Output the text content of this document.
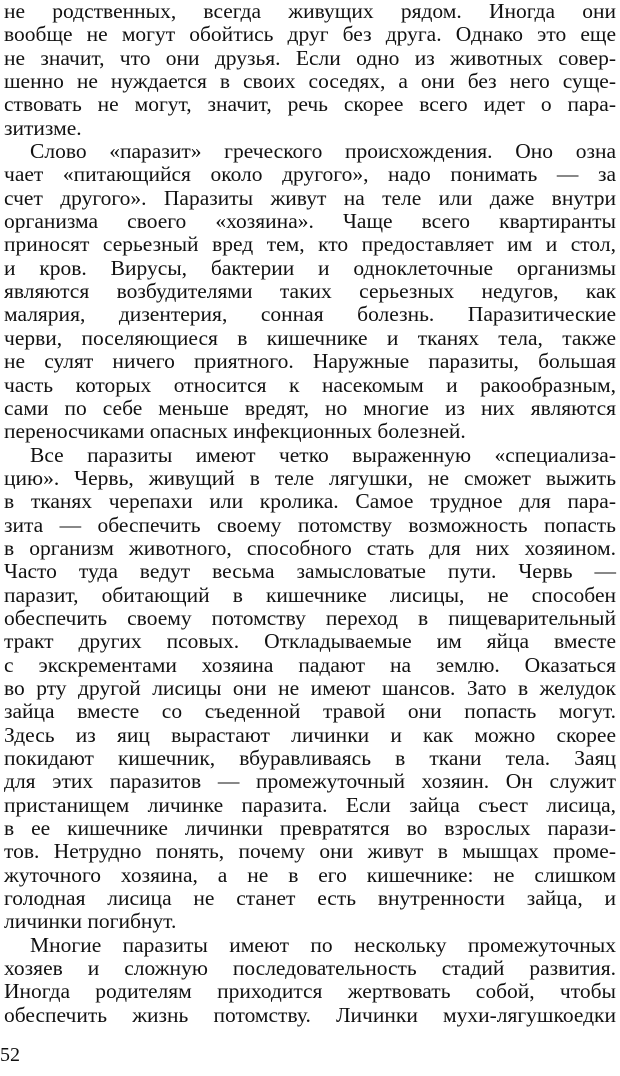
не родственных, всегда живущих рядом. Иногда они
вообще не могут обойтись друг без друга. Однако это еще
не значит, что они друзья. Если одно из животных совер-
шенно не нуждается в своих соседях, а они без него суще-
ствовать не могут, значит, речь скорее всего идет о пара-
зитизме.
Слово «паразит» греческого происхождения. Оно озна
чает «питающийся около другого», надо понимать — за
счет другого». Паразиты живут на теле или даже внутри
организма своего «хозяина». Чаще всего квартиранты
приносят серьезный вред тем, кто предоставляет им и стол,
и кров. Вирусы, бактерии и одноклеточные организмы
являются возбудителями таких серьезных недугов, как
малярия, дизентерия, сонная болезнь. Паразитические
черви, поселяющиеся в кишечнике и тканях тела, также
не сулят ничего приятного. Наружные паразиты, большая
часть которых относится к насекомым и ракообразным,
сами по себе меньше вредят, но многие из них являются
переносчиками опасных инфекционных болезней.
Все паразиты имеют четко выраженную «специализа-
цию». Червь, живущий в теле лягушки, не сможет выжить
в тканях черепахи или кролика. Самое трудное для пара-
зита — обеспечить своему потомству возможность попасть
в организм животного, способного стать для них хозяином.
Часто туда ведут весьма замысловатые пути. Червь —
паразит, обитающий в кишечнике лисицы, не способен
обеспечить своему потомству переход в пищеварительный
тракт других псовых. Откладываемые им яйца вместе
с экскрементами хозяина падают на землю. Оказаться
во рту другой лисицы они не имеют шансов. Зато в желудок
зайца вместе со съеденной травой они попасть могут.
Здесь из яиц вырастают личинки и как можно скорее
покидают кишечник, вбуравливаясь в ткани тела. Заяц
для этих паразитов — промежуточный хозяин. Он служит
пристанищем личинке паразита. Если зайца съест лисица,
в ее кишечнике личинки превратятся во взрослых парази-
тов. Нетрудно понять, почему они живут в мышцах проме-
жуточного хозяина, а не в его кишечнике: не слишком
голодная лисица не станет есть внутренности зайца, и
личинки погибнут.
Многие паразиты имеют по нескольку промежуточных
хозяев и сложную последовательность стадий развития.
Иногда родителям приходится жертвовать собой, чтобы
обеспечить жизнь потомству. Личинки мухи-лягушкоедки
52
